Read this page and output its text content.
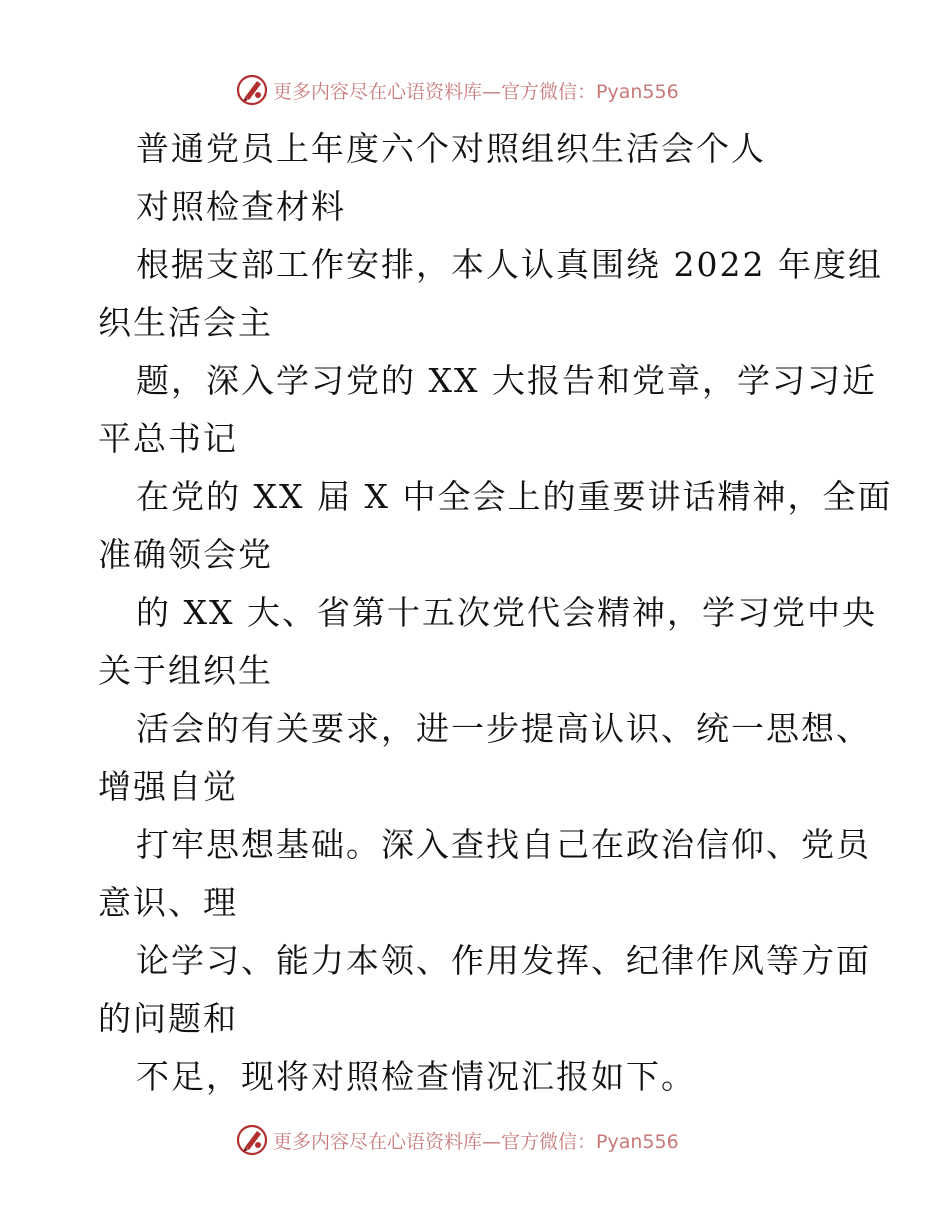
更多内容尽在心语资料库—官方微信：Pyan556
普通党员上年度六个对照组织生活会个人
对照检查材料
根据支部工作安排，本人认真围绕 2022 年度组
织生活会主
题，深入学习党的 XX 大报告和党章，学习习近
平总书记
在党的 XX 届 X 中全会上的重要讲话精神，全面
准确领会党
的 XX 大、省第十五次党代会精神，学习党中央
关于组织生
活会的有关要求，进一步提高认识、统一思想、
增强自觉
打牢思想基础。深入查找自己在政治信仰、党员
意识、理
论学习、能力本领、作用发挥、纪律作风等方面
的问题和
不足，现将对照检查情况汇报如下。
更多内容尽在心语资料库—官方微信：Pyan556
